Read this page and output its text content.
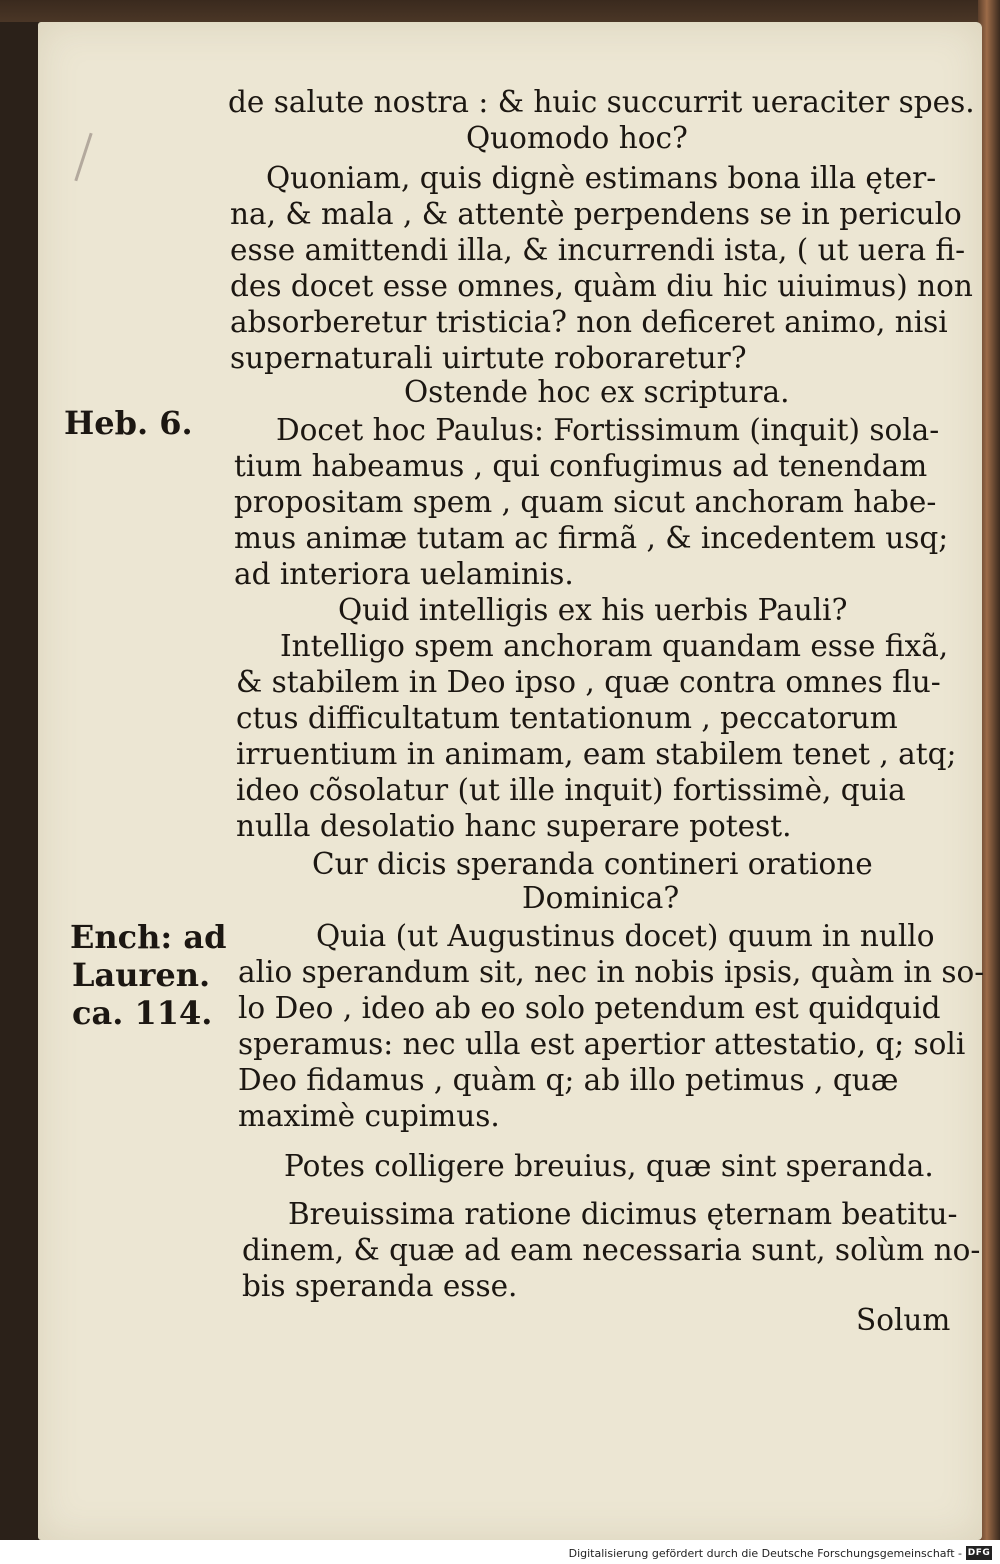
de salute nostra : & huic succurrit ueraciter spes.
Quomodo hoc?
Quoniam, quis dignè estimans bona illa ęter-
na, & mala , & attentè perpendens se in periculo
esse amittendi illa, & incurrendi ista, ( ut uera fi-
des docet esse omnes, quàm diu hic uiuimus) non
absorberetur tristicia? non deficeret animo, nisi
supernaturali uirtute roboraretur?
Ostende hoc ex scriptura.
Docet hoc Paulus: Fortissimum (inquit) sola-
tium habeamus , qui confugimus ad tenendam
propositam spem , quam sicut anchoram habe-
mus animæ tutam ac firmã , & incedentem usq;
ad interiora uelaminis.
Quid intelligis ex his uerbis Pauli?
Intelligo spem anchoram quandam esse fixã,
& stabilem in Deo ipso , quæ contra omnes flu-
ctus difficultatum tentationum , peccatorum
irruentium in animam, eam stabilem tenet , atq;
ideo cõsolatur (ut ille inquit) fortissimè, quia
nulla desolatio hanc superare potest.
Cur dicis speranda contineri oratione
Dominica?
Quia (ut Augustinus docet) quum in nullo
alio sperandum sit, nec in nobis ipsis, quàm in so-
lo Deo , ideo ab eo solo petendum est quidquid
speramus: nec ulla est apertior attestatio, q; soli
Deo fidamus , quàm q; ab illo petimus , quæ
maximè cupimus.
Potes colligere breuius, quæ sint speranda.
Breuissima ratione dicimus ęternam beatitu-
dinem, & quæ ad eam necessaria sunt, solùm no-
bis speranda esse.
Solum
Heb. 6.
Ench: ad
Lauren.
ca. 114.
Digitalisierung gefördert durch die Deutsche Forschungsgemeinschaft - DFG
